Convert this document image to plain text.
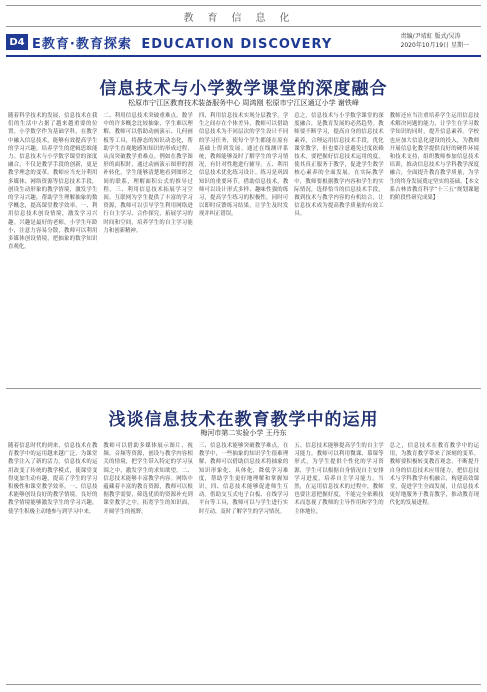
教育信息化
D4 E教育·教育探索 EDUCATION DISCOVERY	责编/尹靖虹 版式/吴涛
2020年10月19日 星期一
信息技术与小学数学课堂的深度融合
松原市宁江区教育技术装备服务中心 周鸿刚 松原市宁江区通辽小学 谢铁峰
随着科学技术的发展，信息技术在我们的生活中占据了越来越重要的位置。小学数学作为基础学科，在教学中融入信息技术，能够有效提高学生的学习兴趣，培养学生的逻辑思维能力。信息技术与小学数学课堂的深度融合，不仅是教学手段的创新，更是教学理念的变革。教师应当充分利用多媒体、网络资源等信息技术手段，创设生动形象的教学情境，激发学生的学习兴趣，帮助学生理解抽象的数学概念，提高课堂教学效率。一、利用信息技术创设情境，激发学习兴趣。兴趣是最好的老师，小学生年龄小，注意力容易分散，教师可以利用多媒体创设情境，把抽象的数学知识直观化。
二、利用信息技术突破重难点。数学中的许多概念比较抽象，学生难以理解，教师可以借助动画演示、几何画板等工具，将静态的知识动态化，帮助学生直观地感知知识的形成过程，从而突破教学重难点。例如在教学图形的面积时，通过动画演示图形的割补转化，学生能够清楚地看到图形之间的联系，理解面积公式的推导过程。三、利用信息技术拓展学习空间。互联网为学生提供了丰富的学习资源，教师可以引导学生利用网络进行自主学习、合作探究，拓展学习的时间和空间，培养学生的自主学习能力和创新精神。
四、利用信息技术实现分层教学。学生之间存在个体差异，教师可以借助信息技术为不同层次的学生设计不同的学习任务，使每个学生都能在原有基础上得到发展。通过在线测评系统，教师能够及时了解学生的学习情况，有针对性地进行辅导。五、利用信息技术优化练习设计。练习是巩固知识的重要环节，借助信息技术，教师可以设计形式多样、趣味性强的练习，提高学生练习的积极性，同时可以即时反馈练习结果，让学生及时发现并纠正错误。
总之，信息技术与小学数学课堂的深度融合，是教育发展的必然趋势。教师要不断学习，提高自身的信息技术素养，合理运用信息技术手段，优化课堂教学，但也要注意避免过度依赖技术，要把握好信息技术运用的度，使其真正服务于教学，促进学生数学核心素养的全面发展。在实际教学中，教师要根据教学内容和学生的实际情况，选择恰当的信息技术手段，做到技术与教学内容的有机结合，让信息技术成为提高教学质量的有效工具。
教师还应当注重培养学生运用信息技术解决问题的能力，让学生在学习数学知识的同时，提升信息素养。学校也应加大信息化建设的投入，为教师开展信息化教学提供良好的硬件环境和技术支持，组织教师参加信息技术培训，推动信息技术与学科教学深度融合，全面提升教育教学质量，为学生的终身发展奠定坚实的基础。【本文系吉林省教育科学“十三五”规划课题的阶段性研究成果】
浅谈信息技术在教育教学中的运用
梅河市第二实验小学 王丹东
随着信息时代的到来，信息技术在教育教学中的运用越来越广泛，为课堂教学注入了新的活力。信息技术的运用改变了传统的教学模式，使课堂变得更加生动有趣，提高了学生的学习积极性和课堂教学效率。一、信息技术能够创设良好的教学情境。良好的教学情境能够激发学生的学习兴趣，使学生积极主动地参与到学习中来。
教师可以借助多媒体展示图片、视频、音频等资源，创设与教学内容相关的情境，把学生带入特定的学习氛围之中，激发学生的求知欲望。二、信息技术能够丰富教学内容。网络中蕴藏着丰富的教育资源，教师可以根据教学需要，筛选优质的资源补充到课堂教学之中，拓宽学生的知识面，开阔学生的视野。
三、信息技术能够突破教学难点。在教学中，一些抽象的知识学生很难理解，教师可以借助信息技术将抽象的知识形象化、具体化，降低学习难度，帮助学生更好地理解和掌握知识。四、信息技术能够促进师生互动。借助交互式电子白板、在线学习平台等工具，教师可以与学生进行实时互动，及时了解学生的学习情况。
五、信息技术能够提高学生的自主学习能力。教师可以利用微课、慕课等形式，为学生提供个性化的学习资源，学生可以根据自身情况自主安排学习进度，培养自主学习能力。当然，在运用信息技术的过程中，教师也要注意把握好度，不能完全依赖技术而忽视了教师的主导作用和学生的主体地位。
总之，信息技术在教育教学中的运用，为教育教学带来了深刻的变革。教师要积极转变教育观念，不断提升自身的信息技术应用能力，把信息技术与学科教学有机融合，构建高效课堂，促进学生全面发展，让信息技术更好地服务于教育教学，推动教育现代化的发展进程。
